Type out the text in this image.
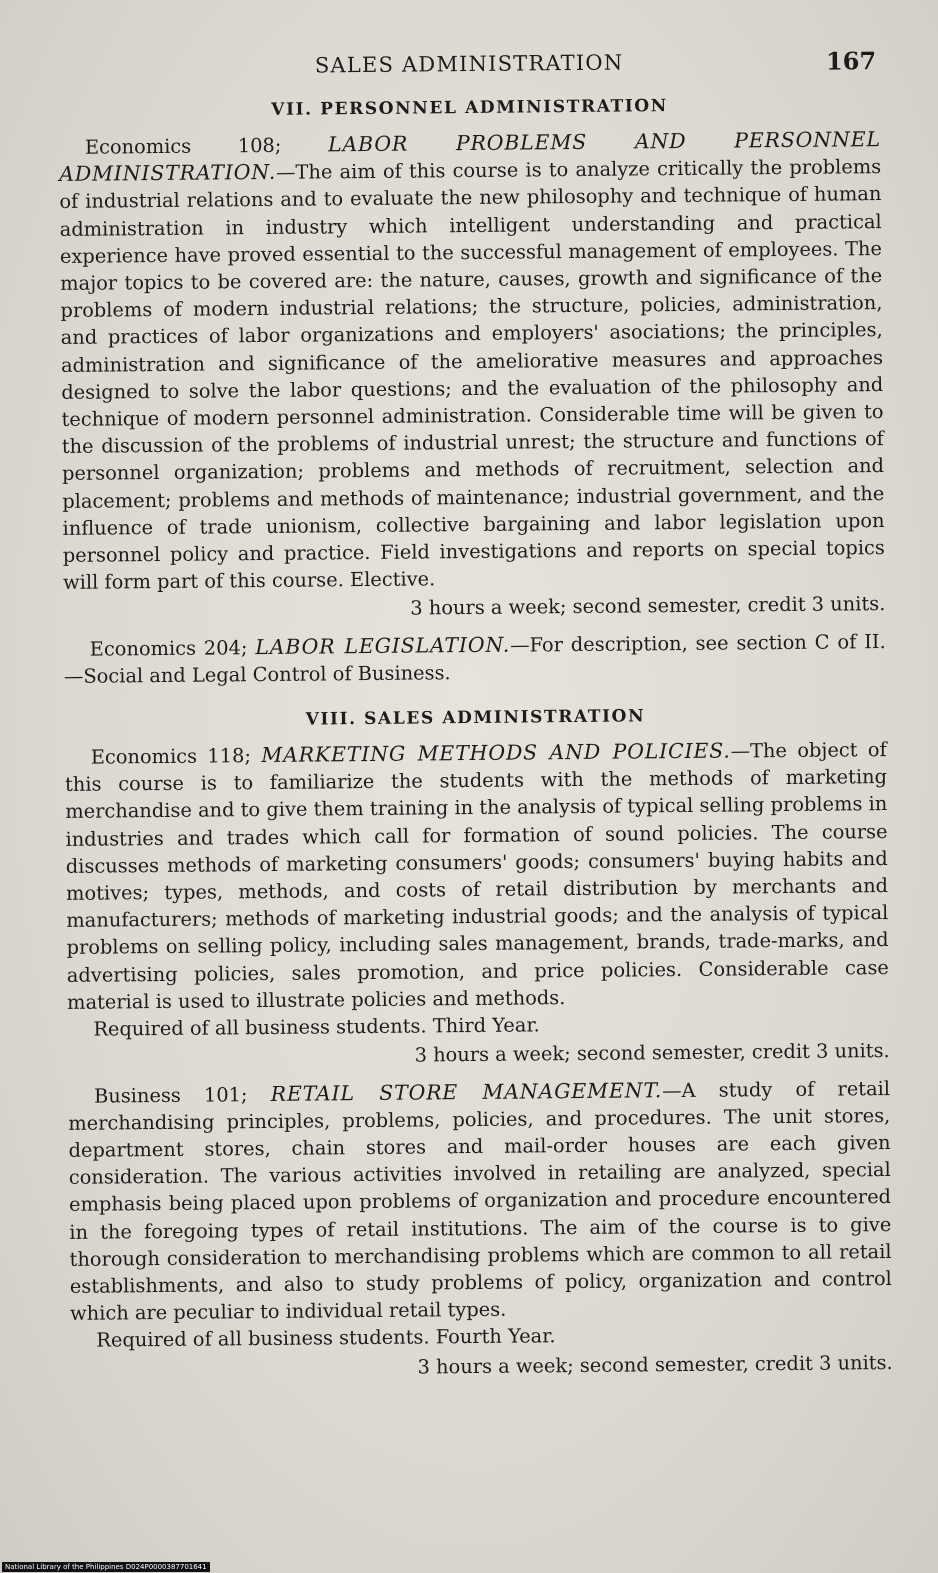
SALES ADMINISTRATION	167
VII. PERSONNEL ADMINISTRATION

Economics 108; LABOR PROBLEMS AND PERSONNEL ADMINISTRATION.—The aim of this course is to analyze critically the problems of industrial relations and to evaluate the new philosophy and technique of human administration in industry which intelligent understanding and practical experience have proved essential to the successful management of employees. The major topics to be covered are: the nature, causes, growth and significance of the problems of modern industrial relations; the structure, policies, administration, and practices of labor organizations and employers' asociations; the principles, administration and significance of the ameliorative measures and approaches designed to solve the labor questions; and the evaluation of the philosophy and technique of modern personnel administration. Considerable time will be given to the discussion of the problems of industrial unrest; the structure and functions of personnel organization; problems and methods of recruitment, selection and placement; problems and methods of maintenance; industrial government, and the influence of trade unionism, collective bargaining and labor legislation upon personnel policy and practice. Field investigations and reports on special topics will form part of this course. Elective.

3 hours a week; second semester, credit 3 units.

Economics 204; LABOR LEGISLATION.—For description, see section C of II.—Social and Legal Control of Business.

VIII. SALES ADMINISTRATION

Economics 118; MARKETING METHODS AND POLICIES.—The object of this course is to familiarize the students with the methods of marketing merchandise and to give them training in the analysis of typical selling problems in industries and trades which call for formation of sound policies. The course discusses methods of marketing consumers' goods; consumers' buying habits and motives; types, methods, and costs of retail distribution by merchants and manufacturers; methods of marketing industrial goods; and the analysis of typical problems on selling policy, including sales management, brands, trade-marks, and advertising policies, sales promotion, and price policies. Considerable case material is used to illustrate policies and methods.

Required of all business students. Third Year.

3 hours a week; second semester, credit 3 units.

Business 101; RETAIL STORE MANAGEMENT.—A study of retail merchandising principles, problems, policies, and procedures. The unit stores, department stores, chain stores and mail-order houses are each given consideration. The various activities involved in retailing are analyzed, special emphasis being placed upon problems of organization and procedure encountered in the foregoing types of retail institutions. The aim of the course is to give thorough consideration to merchandising problems which are common to all retail establishments, and also to study problems of policy, organization and control which are peculiar to individual retail types.

Required of all business students. Fourth Year.

3 hours a week; second semester, credit 3 units.
National Library of the Philippines D024P0000387701641
